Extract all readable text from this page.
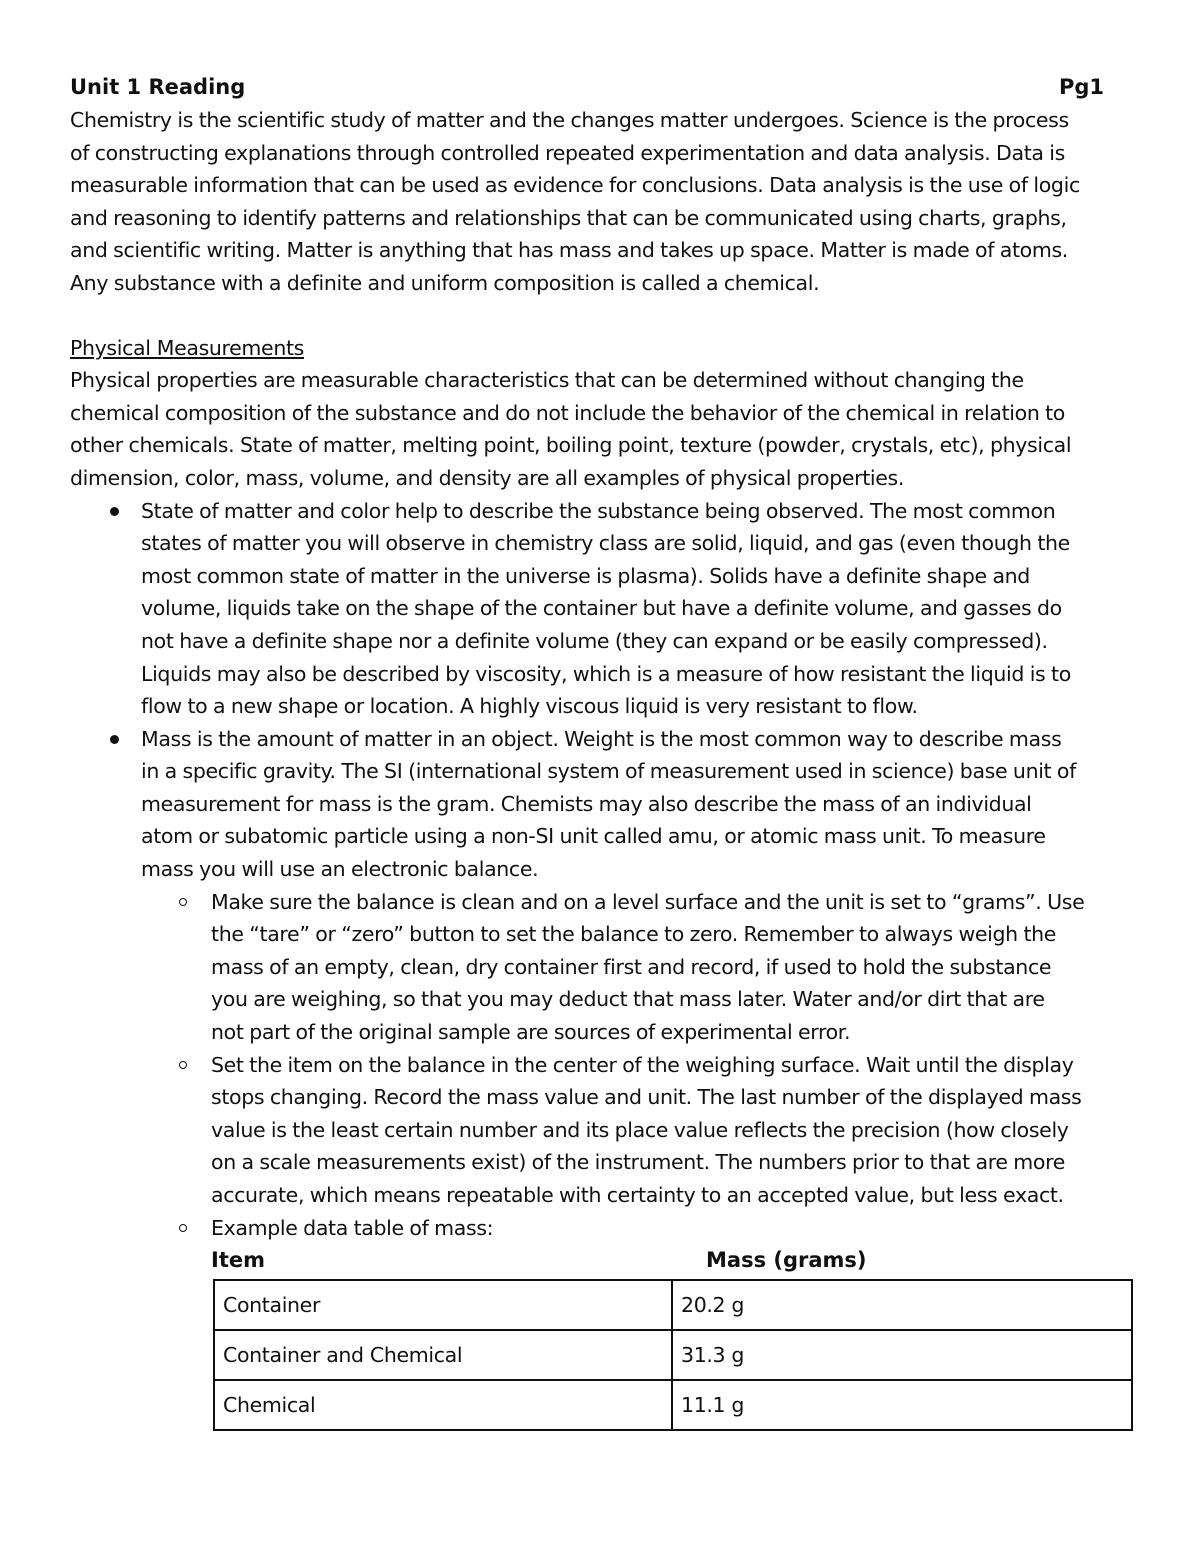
Unit 1 Reading	Pg1

Chemistry is the scientific study of matter and the changes matter undergoes. Science is the process
of constructing explanations through controlled repeated experimentation and data analysis. Data is
measurable information that can be used as evidence for conclusions. Data analysis is the use of logic
and reasoning to identify patterns and relationships that can be communicated using charts, graphs,
and scientific writing. Matter is anything that has mass and takes up space. Matter is made of atoms.
Any substance with a definite and uniform composition is called a chemical.

Physical Measurements

Physical properties are measurable characteristics that can be determined without changing the
chemical composition of the substance and do not include the behavior of the chemical in relation to
other chemicals. State of matter, melting point, boiling point, texture (powder, crystals, etc), physical
dimension, color, mass, volume, and density are all examples of physical properties.

State of matter and color help to describe the substance being observed. The most common
states of matter you will observe in chemistry class are solid, liquid, and gas (even though the
most common state of matter in the universe is plasma). Solids have a definite shape and
volume, liquids take on the shape of the container but have a definite volume, and gasses do
not have a definite shape nor a definite volume (they can expand or be easily compressed).
Liquids may also be described by viscosity, which is a measure of how resistant the liquid is to
flow to a new shape or location. A highly viscous liquid is very resistant to flow.

Mass is the amount of matter in an object. Weight is the most common way to describe mass
in a specific gravity. The SI (international system of measurement used in science) base unit of
measurement for mass is the gram. Chemists may also describe the mass of an individual
atom or subatomic particle using a non-SI unit called amu, or atomic mass unit. To measure
mass you will use an electronic balance.

Make sure the balance is clean and on a level surface and the unit is set to “grams”. Use
the “tare” or “zero” button to set the balance to zero. Remember to always weigh the
mass of an empty, clean, dry container first and record, if used to hold the substance
you are weighing, so that you may deduct that mass later. Water and/or dirt that are
not part of the original sample are sources of experimental error.

Set the item on the balance in the center of the weighing surface. Wait until the display
stops changing. Record the mass value and unit. The last number of the displayed mass
value is the least certain number and its place value reflects the precision (how closely
on a scale measurements exist) of the instrument. The numbers prior to that are more
accurate, which means repeatable with certainty to an accepted value, but less exact.

Example data table of mass:

Item	Mass (grams)
Container	20.2 g
Container and Chemical	31.3 g
Chemical	11.1 g
